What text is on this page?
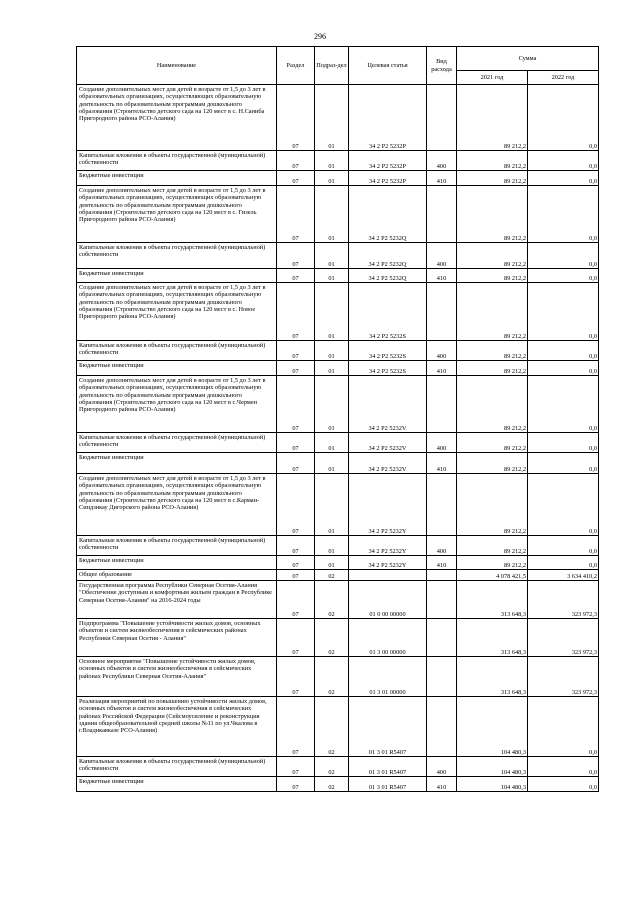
296
Наименование	Раздел	Подраз-дел	Целевая статья	Вид расхода	Сумма	
					2021 год	2022 год
Создание дополнительных мест для детей в возрасте от 1,5 до 3 лет в образовательных организациях, осуществляющих образовательную деятельность по образовательным программам дошкольного образования (Строительство детского сада на 120 мест в с. Н.Саниба Пригородного района РСО-Алания)	07	01	34 2 P2 5232P		89 212,2	0,0
Капитальные вложения в объекты государственной (муниципальной) собственности	07	01	34 2 P2 5232P	400	89 212,2	0,0
Бюджетные инвестиции	07	01	34 2 P2 5232P	410	89 212,2	0,0
Создание дополнительных мест для детей в возрасте от 1,5 до 3 лет в образовательных организациях, осуществляющих образовательную деятельность по образовательным программам дошкольного образования (Строительство детского сада на 120 мест в с. Гизель Пригородного района РСО-Алания)	07	01	34 2 P2 5232Q		89 212,2	0,0
Капитальные вложения в объекты государственной (муниципальной) собственности	07	01	34 2 P2 5232Q	400	89 212,2	0,0
Бюджетные инвестиции	07	01	34 2 P2 5232Q	410	89 212,2	0,0
Создание дополнительных мест для детей в возрасте от 1,5 до 3 лет в образовательных организациях, осуществляющих образовательную деятельность по образовательным программам дошкольного образования (Строительство детского сада на 120 мест в с. Новое Пригородного района РСО-Алания)	07	01	34 2 P2 5232S		89 212,2	0,0
Капитальные вложения в объекты государственной (муниципальной) собственности	07	01	34 2 P2 5232S	400	89 212,2	0,0
Бюджетные инвестиции	07	01	34 2 P2 5232S	410	89 212,2	0,0
Создание дополнительных мест для детей в возрасте от 1,5 до 3 лет в образовательных организациях, осуществляющих образовательную деятельность по образовательным программам дошкольного образования (Строительство детского сада на 120 мест в с.Чермен Пригородного района РСО-Алания)	07	01	34 2 P2 5232V		89 212,2	0,0
Капитальные вложения в объекты государственной (муниципальной) собственности	07	01	34 2 P2 5232V	400	89 212,2	0,0
Бюджетные инвестиции	07	01	34 2 P2 5232V	410	89 212,2	0,0
Создание дополнительных мест для детей в возрасте от 1,5 до 3 лет в образовательных организациях, осуществляющих образовательную деятельность по образовательным программам дошкольного образования (Строительство детского сада на 120 мест в с.Карман-Синдзикау Дигорского района РСО-Алания)	07	01	34 2 P2 5232Y		89 212,2	0,0
Капитальные вложения в объекты государственной (муниципальной) собственности	07	01	34 2 P2 5232Y	400	89 212,2	0,0
Бюджетные инвестиции	07	01	34 2 P2 5232Y	410	89 212,2	0,0
Общее образование	07	02			4 078 421,5	3 634 410,2
Государственная программа Республики Северная Осетия-Алания "Обеспечение доступным и комфортным жильем граждан в Республике Северная Осетия-Алания" на 2016-2024 годы	07	02	01 0 00 00000		313 648,3	323 972,3
Подпрограмма "Повышение устойчивости жилых домов, основных объектов и систем жизнеобеспечения в сейсмических районах Республики Северная Осетия - Алания"	07	02	01 3 00 00000		313 648,3	323 972,3
Основное мероприятие "Повышение устойчивости жилых домов, основных объектов и систем жизнеобеспечения в сейсмических районах Республики Северная Осетия-Алания"	07	02	01 3 01 00000		313 648,3	323 972,3
Реализация мероприятий по повышению устойчивости жилых домов, основных объектов и систем жизнеобеспечения в сейсмических районах Российской Федерации (Сейсмоусиление и реконструкция здания общеобразовательной средней школы №11 по ул.Чкалова в г.Владикавказе РСО-Алания)	07	02	01 3 01 R5407		104 480,3	0,0
Капитальные вложения в объекты государственной (муниципальной) собственности	07	02	01 3 01 R5407	400	104 480,3	0,0
Бюджетные инвестиции	07	02	01 3 01 R5407	410	104 480,3	0,0
